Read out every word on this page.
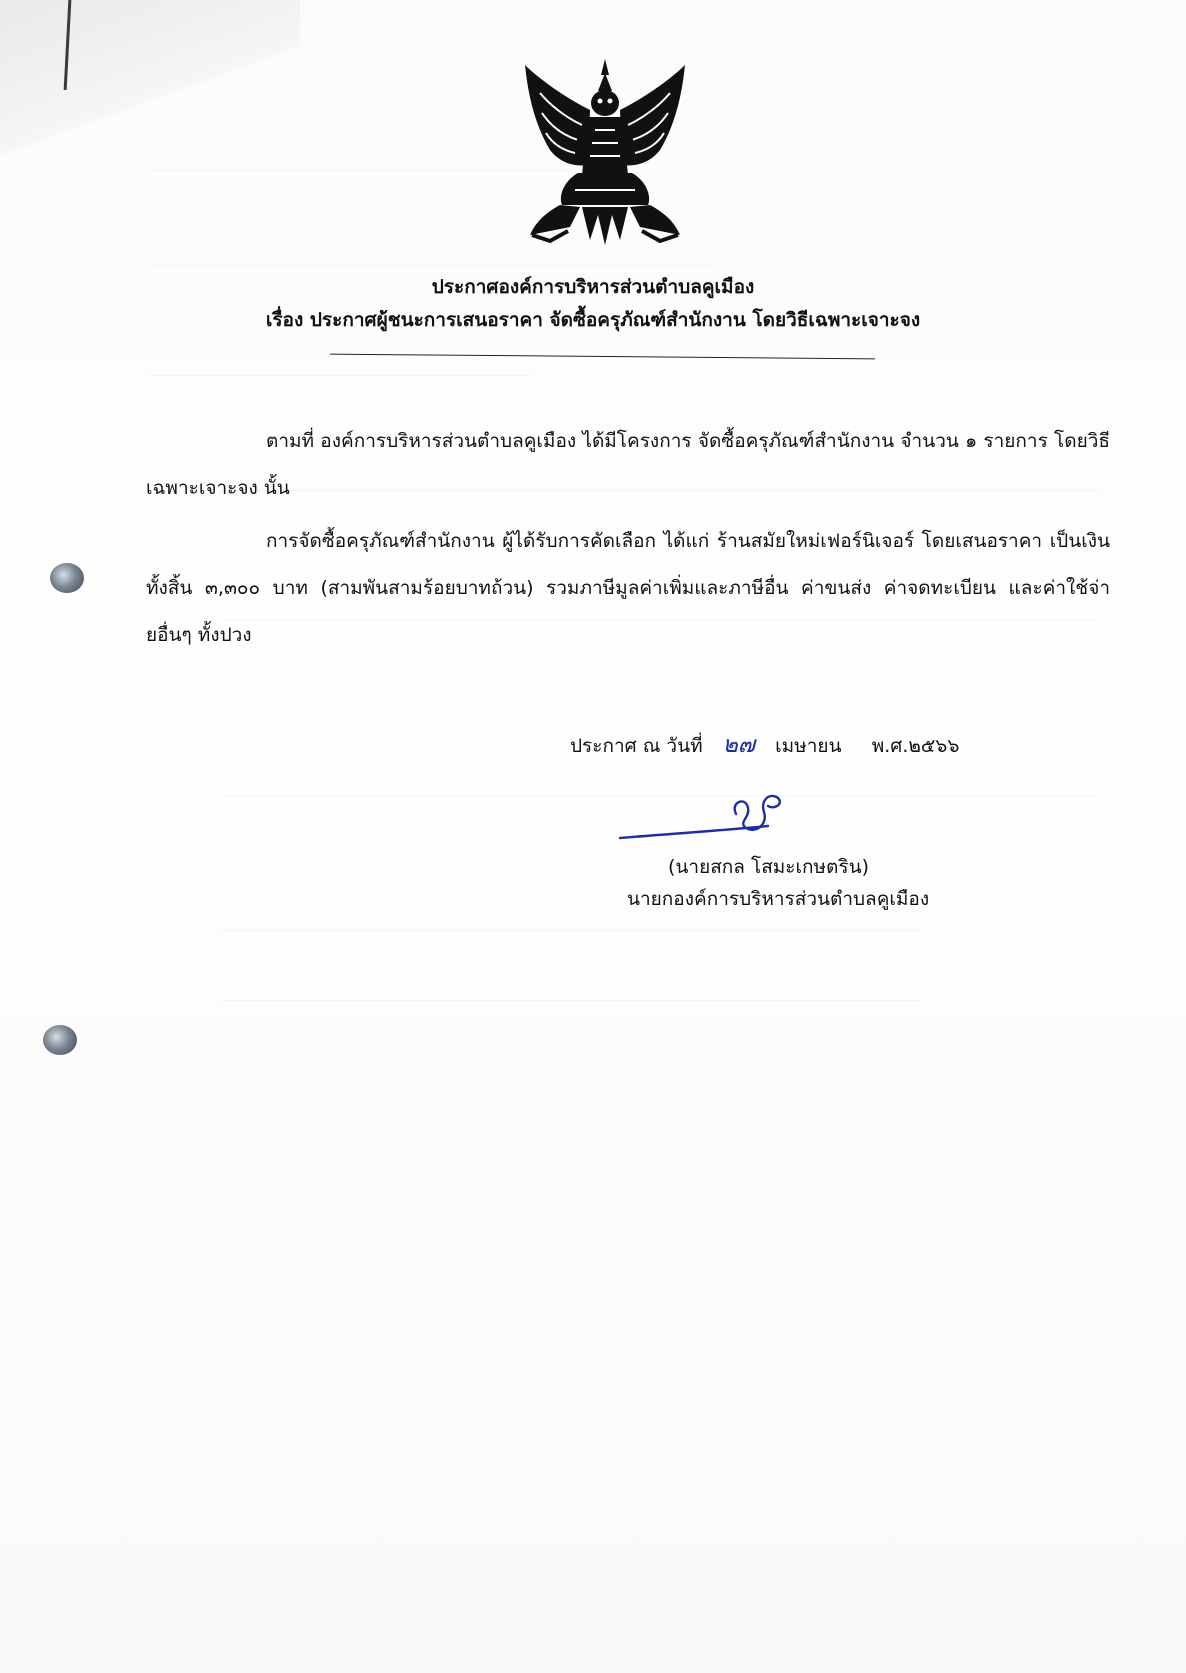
ประกาศองค์การบริหารส่วนตำบลคูเมือง
เรื่อง ประกาศผู้ชนะการเสนอราคา จัดซื้อครุภัณฑ์สำนักงาน โดยวิธีเฉพาะเจาะจง
ตามที่ องค์การบริหารส่วนตำบลคูเมือง ได้มีโครงการ จัดซื้อครุภัณฑ์สำนักงาน จำนวน ๑ รายการ โดยวิธีเฉพาะเจาะจง นั้น
การจัดซื้อครุภัณฑ์สำนักงาน ผู้ได้รับการคัดเลือก ได้แก่ ร้านสมัยใหม่เฟอร์นิเจอร์ โดยเสนอราคา เป็นเงินทั้งสิ้น ๓,๓๐๐ บาท (สามพันสามร้อยบาทถ้วน) รวมภาษีมูลค่าเพิ่มและภาษีอื่น ค่าขนส่ง ค่าจดทะเบียน และค่าใช้จ่ายอื่นๆ ทั้งปวง
ประกาศ ณ วันที่ ๒๗ เมษายน พ.ศ.๒๕๖๖
(นายสกล โสมะเกษตริน)
นายกองค์การบริหารส่วนตำบลคูเมือง
